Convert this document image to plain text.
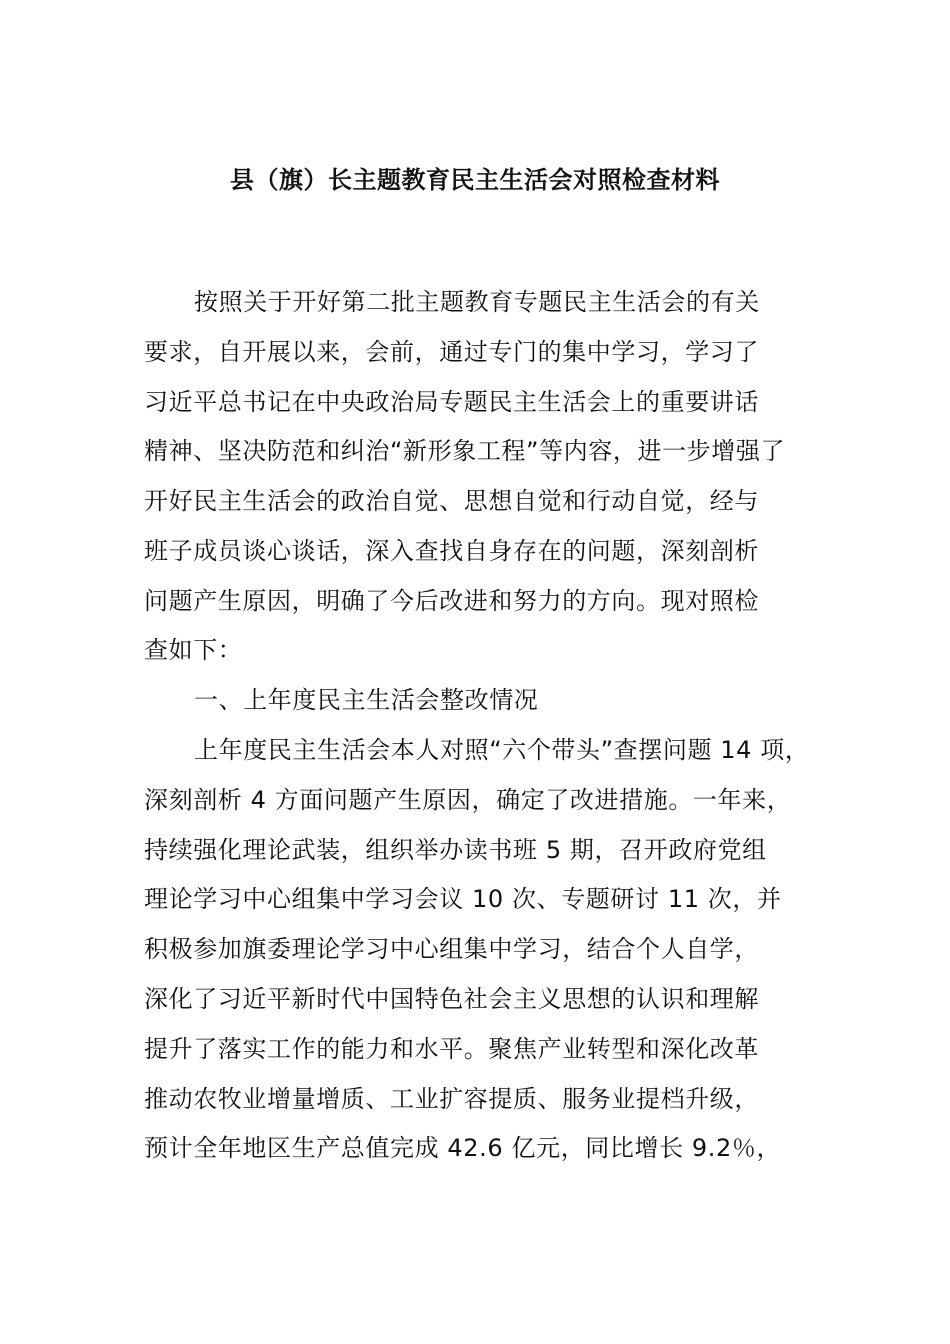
县（旗）长主题教育民主生活会对照检查材料
按照关于开好第二批主题教育专题民主生活会的有关
要求，自开展以来，会前，通过专门的集中学习，学习了
习近平总书记在中央政治局专题民主生活会上的重要讲话
精神、坚决防范和纠治“新形象工程”等内容，进一步增强了
开好民主生活会的政治自觉、思想自觉和行动自觉，经与
班子成员谈心谈话，深入查找自身存在的问题，深刻剖析
问题产生原因，明确了今后改进和努力的方向。现对照检
查如下：
一、上年度民主生活会整改情况
上年度民主生活会本人对照“六个带头”查摆问题 14 项，
深刻剖析 4 方面问题产生原因，确定了改进措施。一年来，
持续强化理论武装，组织举办读书班 5 期，召开政府党组
理论学习中心组集中学习会议 10 次、专题研讨 11 次，并
积极参加旗委理论学习中心组集中学习，结合个人自学，
深化了习近平新时代中国特色社会主义思想的认识和理解
提升了落实工作的能力和水平。聚焦产业转型和深化改革
推动农牧业增量增质、工业扩容提质、服务业提档升级，
预计全年地区生产总值完成 42.6 亿元，同比增长 9.2％，
